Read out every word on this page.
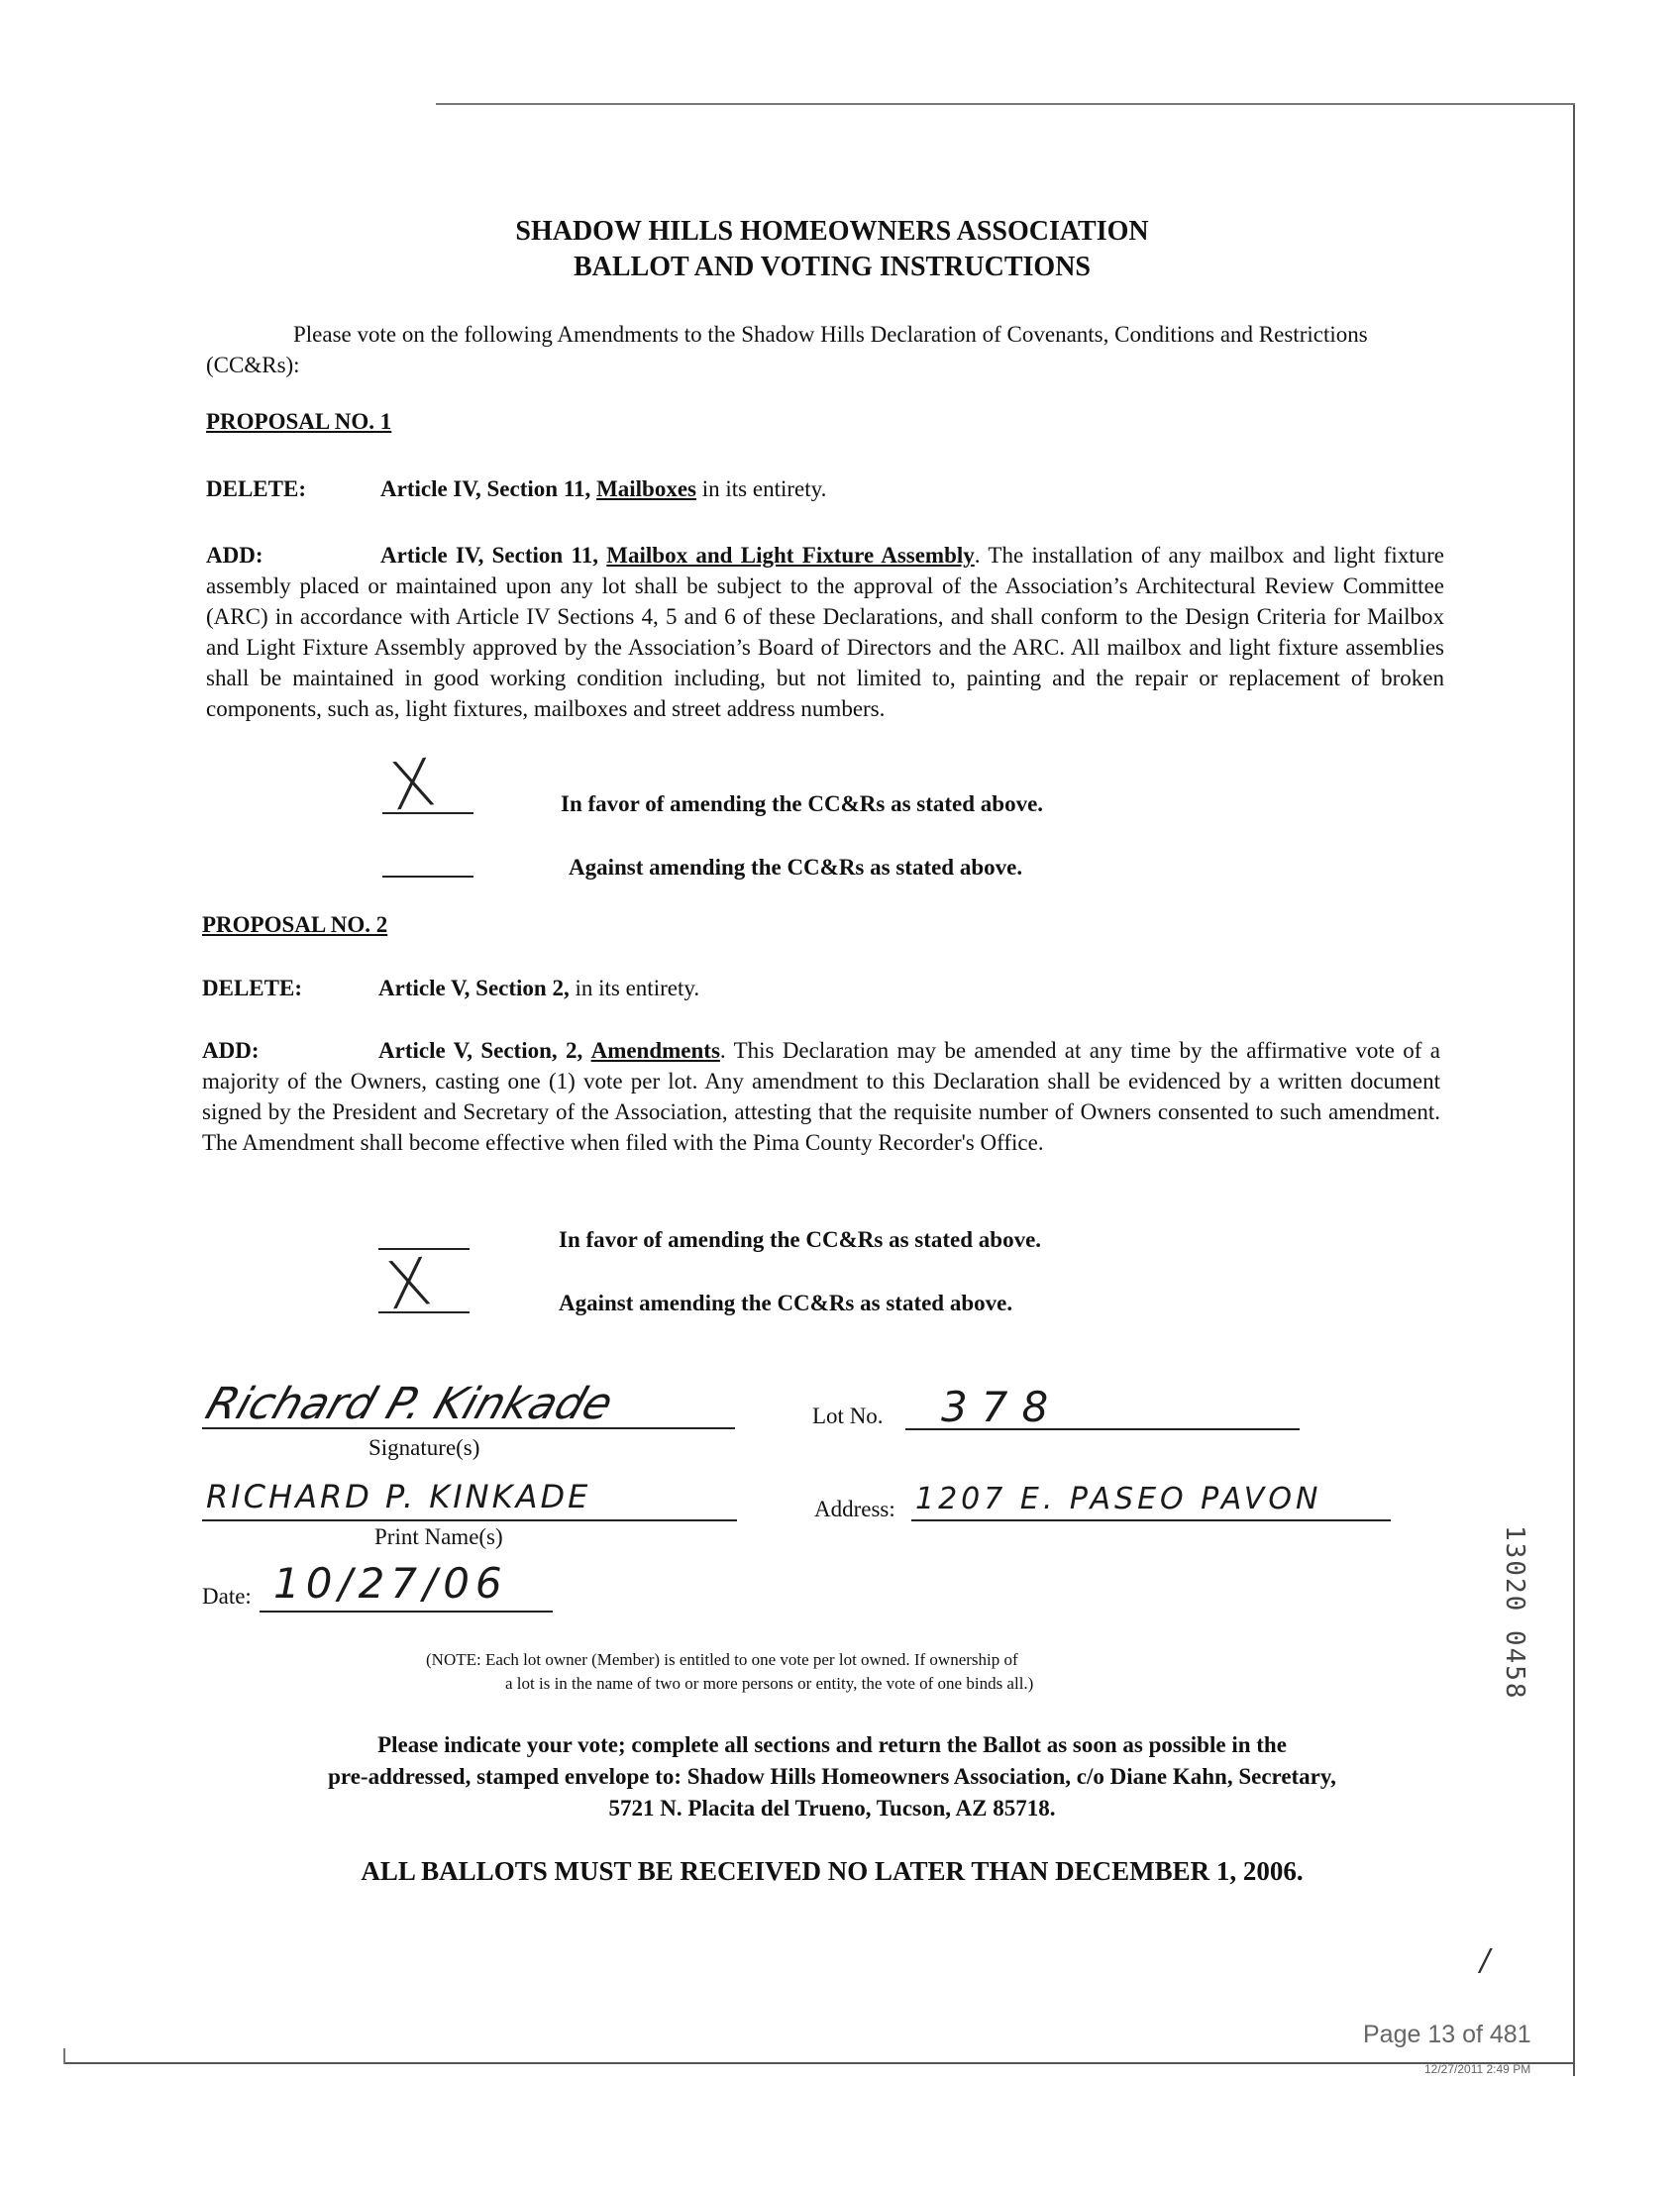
SHADOW HILLS HOMEOWNERS ASSOCIATION
BALLOT AND VOTING INSTRUCTIONS
Please vote on the following Amendments to the Shadow Hills Declaration of Covenants, Conditions and Restrictions (CC&Rs):
PROPOSAL NO. 1
DELETE:	Article IV, Section 11, Mailboxes in its entirety.
ADD:	Article IV, Section 11, Mailbox and Light Fixture Assembly. The installation of any mailbox and light fixture assembly placed or maintained upon any lot shall be subject to the approval of the Association’s Architectural Review Committee (ARC) in accordance with Article IV Sections 4, 5 and 6 of these Declarations, and shall conform to the Design Criteria for Mailbox and Light Fixture Assembly approved by the Association’s Board of Directors and the ARC. All mailbox and light fixture assemblies shall be maintained in good working condition including, but not limited to, painting and the repair or replacement of broken components, such as, light fixtures, mailboxes and street address numbers.
X	In favor of amending the CC&Rs as stated above.
Against amending the CC&Rs as stated above.
PROPOSAL NO. 2
DELETE:	Article V, Section 2, in its entirety.
ADD:	Article V, Section, 2, Amendments. This Declaration may be amended at any time by the affirmative vote of a majority of the Owners, casting one (1) vote per lot. Any amendment to this Declaration shall be evidenced by a written document signed by the President and Secretary of the Association, attesting that the requisite number of Owners consented to such amendment. The Amendment shall become effective when filed with the Pima County Recorder's Office.
In favor of amending the CC&Rs as stated above.
X	Against amending the CC&Rs as stated above.
Richard P. Kinkade
Signature(s)
Lot No. 378
RICHARD P. KINKADE
Print Name(s)
Address: 1207 E. PASEO PAVON
Date: 10/27/06
(NOTE: Each lot owner (Member) is entitled to one vote per lot owned. If ownership of
a lot is in the name of two or more persons or entity, the vote of one binds all.)
Please indicate your vote; complete all sections and return the Ballot as soon as possible in the
pre-addressed, stamped envelope to: Shadow Hills Homeowners Association, c/o Diane Kahn, Secretary,
5721 N. Placita del Trueno, Tucson, AZ 85718.
ALL BALLOTS MUST BE RECEIVED NO LATER THAN DECEMBER 1, 2006.
13020 0458
/
Page 13 of 481
12/27/2011 2:49 PM
